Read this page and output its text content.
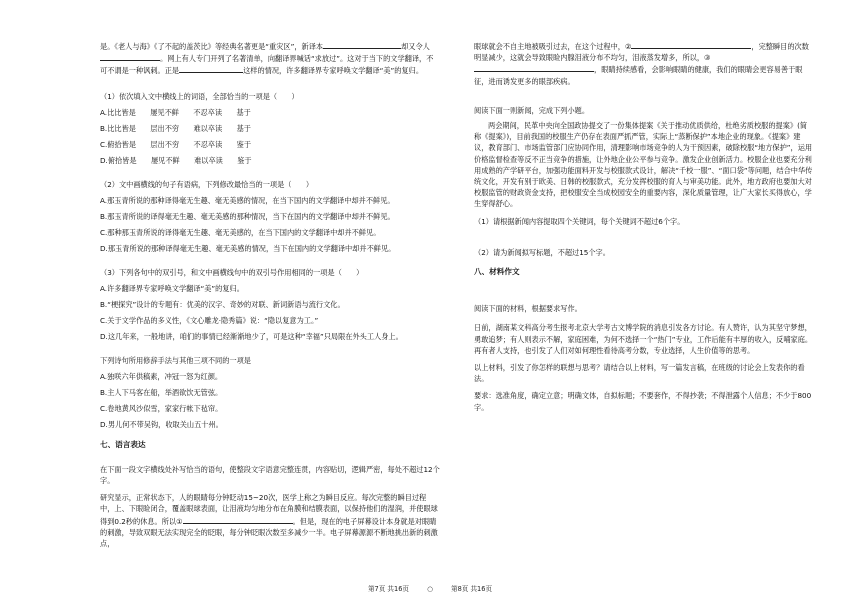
是。《老人与海》《了不起的盖茨比》等经典名著更是“重灾区”，新译本	却又令人。网上有人专门开列了名著清单，向翻译界喊话“求放过”。这对于当下的文学翻译，不可不谓是一种讽刺。正是	这样的情况，许多翻译界专家呼唤文学翻译“美”的复归。

（1）依次填入文中横线上的词语，全部恰当的一项是（　　）

A.比比皆是　　屡见不鲜　　不忍卒读　　基于

B.比比皆是　　层出不穷　　难以卒读　　基于

C.俯拾皆是　　层出不穷　　不忍卒读　　鉴于

D.俯拾皆是　　屡见不鲜　　难以卒读　　鉴于

（2）文中画横线的句子有语病，下列修改最恰当的一项是（　　）

A.那玉青所说的那种译得毫无生趣、毫无美感的情况，在当下国内的文学翻译中却并不鲜见。

B.那玉青所说的译得毫无生趣、毫无美感的那种情况，当下在国内的文学翻译中却并不鲜见。

C.那种那玉青所说的译得毫无生趣、毫无美感的，在当下国内的文学翻译中却并不鲜见。

D.那玉青所说的那种译得毫无生趣、毫无美感的情况，当下在国内的文学翻译中却并不鲜见。

（3）下列各句中的双引号，和文中画横线句中的双引号作用相同的一项是（　　）

A.许多翻译界专家呼唤文学翻译“美”的复归。

B.“梗探究”设计的专题有：优美的汉字、奇妙的对联、新词新语与流行文化。

C.关于文学作品的多义性，《文心雕龙·隐秀篇》说：“隐以复意为工。”

D.这几年来，一般地讲，咱们的事情已经渐渐地少了，可是这种“幸福”只局限在外头工人身上。

下列诗句所用修辞手法与其他三项不同的一项是

A.独咲六年供稿素，冲冠一怒为红颜。

B.主人下马客在船，举酒欲饮无管弦。

C.卷地黄风沙似雪，家家行帐下毡帘。

D.男儿何不带吴钩，收取关山五十州。

七、语言表达

在下面一段文字横线处补写恰当的语句，使整段文字语意完整连贯，内容贴切，逻辑严密，每处不超过12个字。

研究显示，正常状态下，人的眼睛每分钟眨动15~20次，医学上称之为瞬目反应。每次完整的瞬目过程中，上、下眼睑闭合，覆盖眼球表面，让泪液均匀地分布在角膜和结膜表面，以保持他们的湿润，并使眼球得到0.2秒的休息。所以①	。但是，现在的电子屏幕设计本身就是对眼睛的刺激，导致双眼无法实现完全的眨眼，每分钟眨眼次数至多减少一半。电子屏幕源源不断地挑出新的刺激点，

眼球就会不自主地被吸引过去，在这个过程中，②	，完整瞬目的次数明显减少，这就会导致眼睑内腺泪液分布不均匀，泪液蒸发增多，所以，③，眼睛持续感看，会影响眼睛的健康，我们的眼睛会更容易善于眼征，进而诱发更多的眼部疾病。

阅读下面一则新闻，完成下列小题。

两会期间，民革中央向全国政协提交了一份集体提案《关于推动优质供给，杜绝劣质校服的提案》(简称《提案》)，目前我国的校服生产仍存在表面严抓严管，实际上“蒸断保护”本地企业的现象。《提案》建议，教育部门、市场监管部门应协同作用，清理影响市场竞争的人为干预因素，破除校服“地方保护”，运用价格监督检查等反不正当竞争的措施，让外地企业公平参与竞争。激发企业创新活力。校服企业也要充分利用成熟的产学研平台，加强功能面料开发与校服款式设计，解决“千校一服”、“面口袋”等问题，结合中华传统文化，开发有别于欧美、日韩的校服款式，充分发挥校服的育人与审美功能。此外，地方政府也要加大对校服监管的财政资金支持，把校服安全当成校园安全的重要内容，深化质量管理，让广大家长买得放心，学生穿得舒心。

（1）请根据新闻内容提取四个关键词，每个关键词不超过6个字。

（2）请为新闻拟写标题，不超过15个字。

八、材料作文

阅读下面的材料，根据要求写作。

日前，湖南某文科高分考生报考北京大学考古文博学院的消息引发各方讨论。有人赞许，认为其坚守梦想，勇敢追梦；有人则表示不解，家庭困难，为何不选择一个“热门”专业，工作后能有丰厚的收入，反哺家庭。再有者人支持，也引发了人们对如何理性看待高考分数，专业选择，人生价值等的思考。

以上材料，引发了你怎样的联想与思考？请结合以上材料，写一篇发言稿，在班级的讨论会上发表你的看法。

要求：选准角度，确定立意；明确文体，自拟标题；不要套作，不得抄袭；不得泄露个人信息；不少于800字。

第7页 共16页	○	第8页 共16页
